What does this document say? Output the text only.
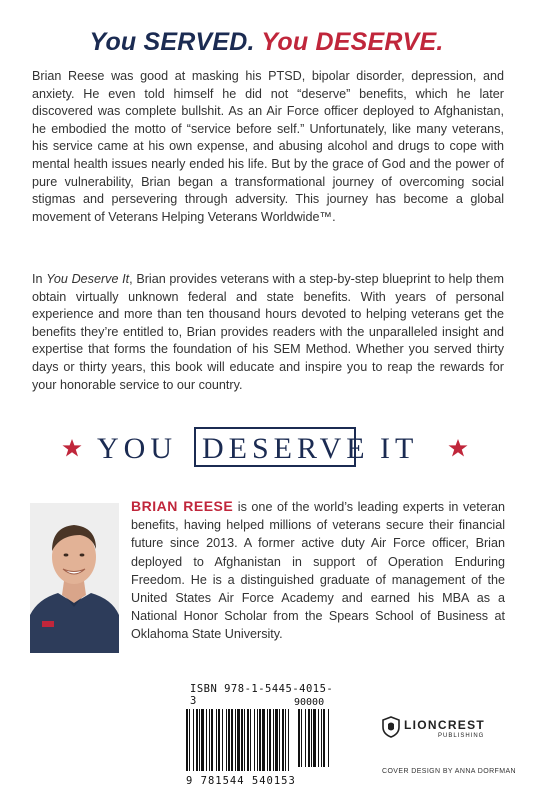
You SERVED. You DESERVE.
Brian Reese was good at masking his PTSD, bipolar disorder, depression, and anxiety. He even told himself he did not “deserve” benefits, which he later discovered was complete bullshit. As an Air Force officer deployed to Afghanistan, he embodied the motto of “service before self.” Unfortunately, like many veterans, his service came at his own expense, and abusing alcohol and drugs to cope with mental health issues nearly ended his life. But by the grace of God and the power of pure vulnerability, Brian began a transformational journey of overcoming social stigmas and persevering through adversity. This journey has become a global movement of Veterans Helping Veterans Worldwide™.
In You Deserve It, Brian provides veterans with a step-by-step blueprint to help them obtain virtually unknown federal and state benefits. With years of personal experience and more than ten thousand hours devoted to helping veterans get the benefits they’re entitled to, Brian provides readers with the unparalleled insight and expertise that forms the foundation of his SEM Method. Whether you served thirty days or thirty years, this book will educate and inspire you to reap the rewards for your honorable service to our country.
YOU DESERVE IT
BRIAN REESE is one of the world’s leading experts in veteran benefits, having helped millions of veterans secure their financial future since 2013. A former active duty Air Force officer, Brian deployed to Afghanistan in support of Operation Enduring Freedom. He is a distinguished graduate of management of the United States Air Force Academy and earned his MBA as a National Honor Scholar from the Spears School of Business at Oklahoma State University.
ISBN 978-1-5445-4015-3	90000
9 781544 540153
LIONCREST
PUBLISHING
COVER DESIGN BY ANNA DORFMAN
